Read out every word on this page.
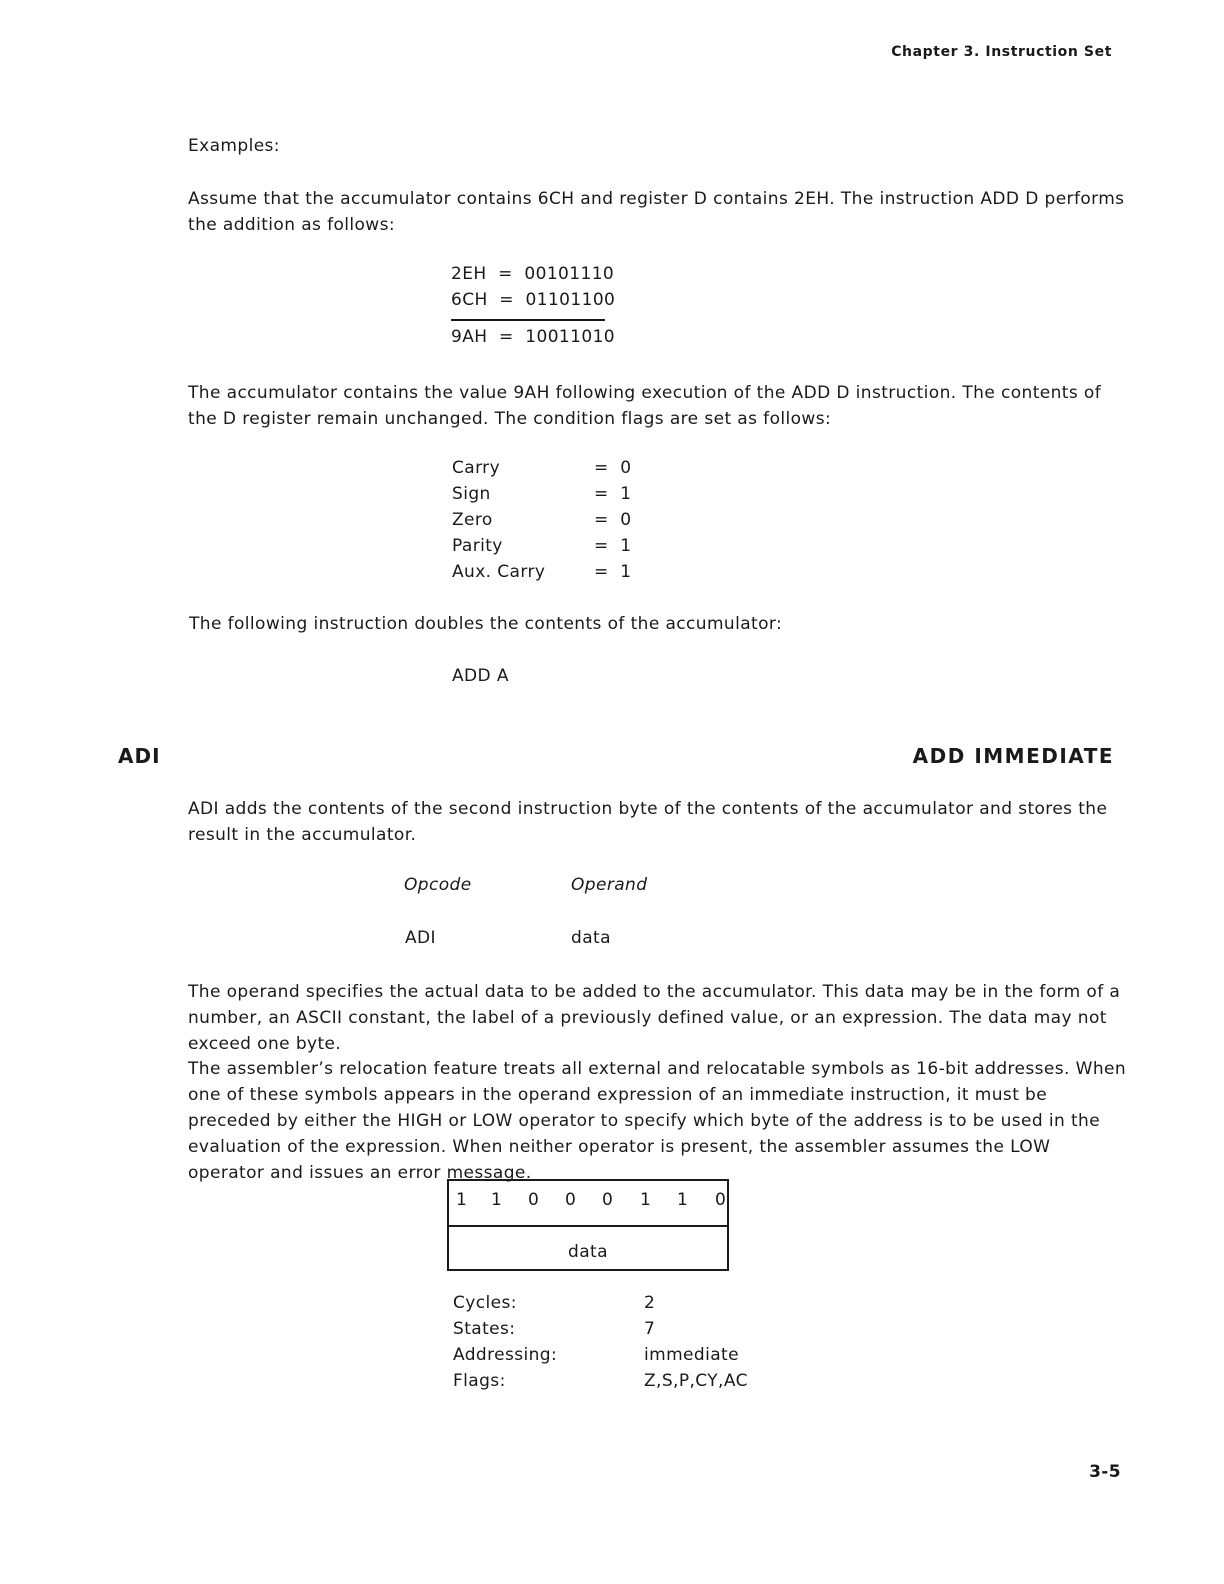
Chapter 3. Instruction Set
Examples:
Assume that the accumulator contains 6CH and register D contains 2EH. The instruction ADD D performs the addition as follows:
2EH  =  00101110
6CH  =  01101100
9AH  =  10011010
The accumulator contains the value 9AH following execution of the ADD D instruction. The contents of the D register remain unchanged. The condition flags are set as follows:
Carry	=  0
Sign	=  1
Zero	=  0
Parity	=  1
Aux. Carry	=  1
The following instruction doubles the contents of the accumulator:
ADD A
ADI	ADD IMMEDIATE
ADI adds the contents of the second instruction byte of the contents of the accumulator and stores the result in the accumulator.
Opcode	Operand
ADI	data
The operand specifies the actual data to be added to the accumulator. This data may be in the form of a number, an ASCII constant, the label of a previously defined value, or an expression. The data may not exceed one byte.
The assembler’s relocation feature treats all external and relocatable symbols as 16-bit addresses. When one of these symbols appears in the operand expression of an immediate instruction, it must be preceded by either the HIGH or LOW operator to specify which byte of the address is to be used in the evaluation of the expression. When neither operator is present, the assembler assumes the LOW operator and issues an error message.
1 1 0 0 0 1 1 0
data
Cycles:	2
States:	7
Addressing:	immediate
Flags:	Z,S,P,CY,AC
3-5
